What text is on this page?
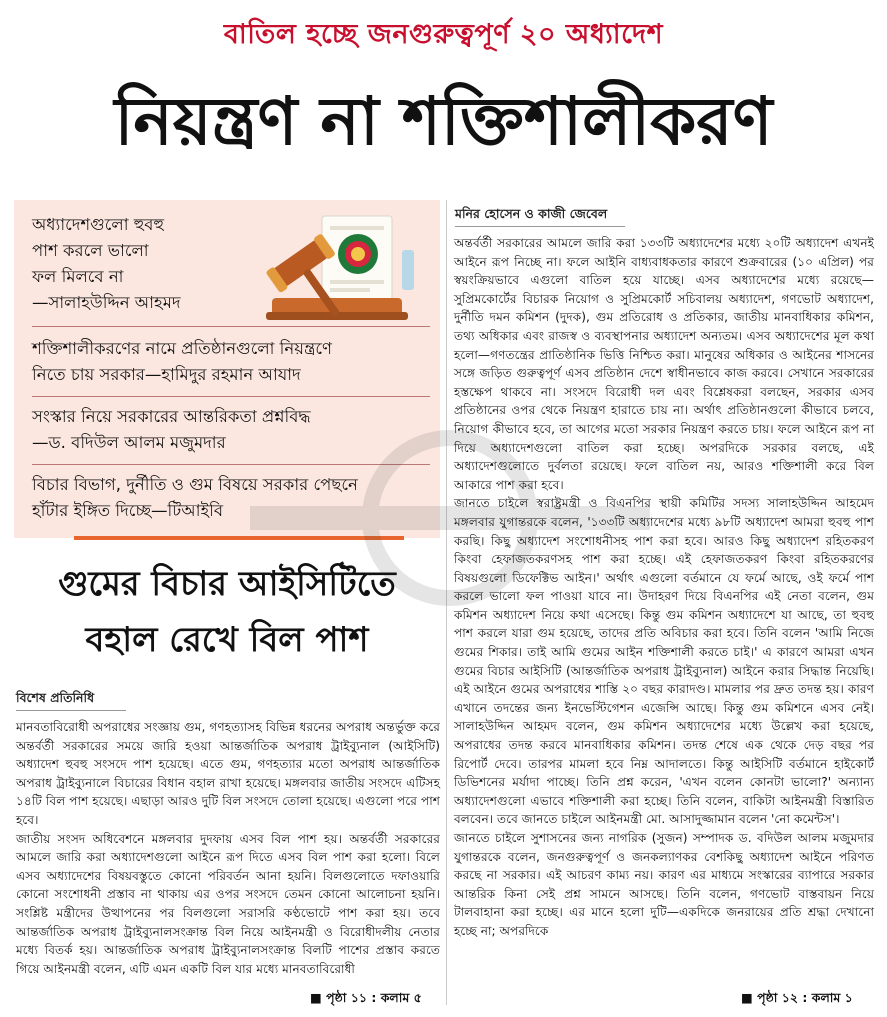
বাতিল হচ্ছে জনগুরুত্বপূর্ণ ২০ অধ্যাদেশ
নিয়ন্ত্রণ না শক্তিশালীকরণ
অধ্যাদেশগুলো হুবহু
পাশ করলে ভালো
ফল মিলবে না
—সালাহউদ্দিন আহমদ
শক্তিশালীকরণের নামে প্রতিষ্ঠানগুলো নিয়ন্ত্রণে
নিতে চায় সরকার—হামিদুর রহমান আযাদ
সংস্কার নিয়ে সরকারের আন্তরিকতা প্রশ্নবিদ্ধ
—ড. বদিউল আলম মজুমদার
বিচার বিভাগ, দুর্নীতি ও গুম বিষয়ে সরকার পেছনে
হাঁটার ইঙ্গিত দিচ্ছে—টিআইবি
গুমের বিচার আইসিটিতে
বহাল রেখে বিল পাশ
বিশেষ প্রতিনিধি
মনির হোসেন ও কাজী জেবেল

মানবতাবিরোধী অপরাধের সংজ্ঞায় গুম, গণহত্যাসহ বিভিন্ন ধরনের অপরাধ অন্তর্ভুক্ত করে অন্তর্বর্তী সরকারের সময়ে জারি হওয়া আন্তর্জাতিক অপরাধ ট্রাইব্যুনাল (আইসিটি) অধ্যাদেশ হুবহু সংসদে পাশ হয়েছে। এতে গুম, গণহত্যার মতো অপরাধ আন্তর্জাতিক অপরাধ ট্রাইব্যুনালে বিচারের বিধান বহাল রাখা হয়েছে। মঙ্গলবার জাতীয় সংসদে এটিসহ ১৪টি বিল পাশ হয়েছে। এছাড়া আরও দুটি বিল সংসদে তোলা হয়েছে। এগুলো পরে পাশ হবে।

জাতীয় সংসদ অধিবেশনে মঙ্গলবার দুদফায় এসব বিল পাশ হয়। অন্তর্বর্তী সরকারের আমলে জারি করা অধ্যাদেশগুলো আইনে রূপ দিতে এসব বিল পাশ করা হলো। বিলে এসব অধ্যাদেশের বিষয়বস্তুতে কোনো পরিবর্তন আনা হয়নি। বিলগুলোতে দফাওয়ারি কোনো সংশোধনী প্রস্তাব না থাকায় এর ওপর সংসদে তেমন কোনো আলোচনা হয়নি। সংশ্লিষ্ট মন্ত্রীদের উত্থাপনের পর বিলগুলো সরাসরি কণ্ঠভোটে পাশ করা হয়। তবে আন্তর্জাতিক অপরাধ ট্রাইব্যুনালসংক্রান্ত বিল নিয়ে আইনমন্ত্রী ও বিরোধীদলীয় নেতার মধ্যে বিতর্ক হয়। আন্তর্জাতিক অপরাধ ট্রাইব্যুনালসংক্রান্ত বিলটি পাশের প্রস্তাব করতে গিয়ে আইনমন্ত্রী বলেন, এটি এমন একটি বিল যার মধ্যে মানবতাবিরোধী

■ পৃষ্ঠা ১১ : কলাম ৫

অন্তর্বর্তী সরকারের আমলে জারি করা ১৩৩টি অধ্যাদেশের মধ্যে ২০টি অধ্যাদেশ এখনই আইনে রূপ নিচ্ছে না। ফলে আইনি বাধ্যবাধকতার কারণে শুক্রবারের (১০ এপ্রিল) পর স্বয়ংক্রিয়ভাবে এগুলো বাতিল হয়ে যাচ্ছে। এসব অধ্যাদেশের মধ্যে রয়েছে—সুপ্রিমকোর্টের বিচারক নিয়োগ ও সুপ্রিমকোর্ট সচিবালয় অধ্যাদেশ, গণভোট অধ্যাদেশ, দুর্নীতি দমন কমিশন (দুদক), গুম প্রতিরোধ ও প্রতিকার, জাতীয় মানবাধিকার কমিশন, তথ্য অধিকার এবং রাজস্ব ও ব্যবস্থাপনার অধ্যাদেশ অন্যতম। এসব অধ্যাদেশের মূল কথা হলো—গণতন্ত্রের প্রাতিষ্ঠানিক ভিত্তি নিশ্চিত করা। মানুষের অধিকার ও আইনের শাসনের সঙ্গে জড়িত গুরুত্বপূর্ণ এসব প্রতিষ্ঠান দেশে স্বাধীনভাবে কাজ করবে। সেখানে সরকারের হস্তক্ষেপ থাকবে না। সংসদে বিরোধী দল এবং বিশ্লেষকরা বলছেন, সরকার এসব প্রতিষ্ঠানের ওপর থেকে নিয়ন্ত্রণ হারাতে চায় না। অর্থাৎ প্রতিষ্ঠানগুলো কীভাবে চলবে, নিয়োগ কীভাবে হবে, তা আগের মতো সরকার নিয়ন্ত্রণ করতে চায়। ফলে আইনে রূপ না দিয়ে অধ্যাদেশগুলো বাতিল করা হচ্ছে। অপরদিকে সরকার বলছে, এই অধ্যাদেশগুলোতে দুর্বলতা রয়েছে। ফলে বাতিল নয়, আরও শক্তিশালী করে বিল আকারে পাশ করা হবে।

জানতে চাইলে স্বরাষ্ট্রমন্ত্রী ও বিএনপির স্থায়ী কমিটির সদস্য সালাহউদ্দিন আহমেদ মঙ্গলবার যুগান্তরকে বলেন, '১৩৩টি অধ্যাদেশের মধ্যে ৯৮টি অধ্যাদেশ আমরা হুবহু পাশ করছি। কিছু অধ্যাদেশ সংশোধনীসহ পাশ করা হবে। আরও কিছু অধ্যাদেশ রহিতকরণ কিংবা হেফাজতকরণসহ পাশ করা হচ্ছে। এই হেফাজতকরণ কিংবা রহিতকরণের বিষয়গুলো ডিফেক্টিভ আইন।' অর্থাৎ এগুলো বর্তমানে যে ফর্মে আছে, ওই ফর্মে পাশ করলে ভালো ফল পাওয়া যাবে না। উদাহরণ দিয়ে বিএনপির এই নেতা বলেন, গুম কমিশন অধ্যাদেশ নিয়ে কথা এসেছে। কিন্তু গুম কমিশন অধ্যাদেশে যা আছে, তা হুবহু পাশ করলে যারা গুম হয়েছে, তাদের প্রতি অবিচার করা হবে। তিনি বলেন 'আমি নিজে গুমের শিকার। তাই আমি গুমের আইন শক্তিশালী করতে চাই।' এ কারণে আমরা এখন গুমের বিচার আইসিটি (আন্তর্জাতিক অপরাধ ট্রাইব্যুনাল) আইনে করার সিদ্ধান্ত নিয়েছি। এই আইনে গুমের অপরাধের শাস্তি ২০ বছর কারাদণ্ড। মামলার পর দ্রুত তদন্ত হয়। কারণ এখানে তদন্তের জন্য ইনভেস্টিগেশন এজেন্সি আছে। কিন্তু গুম কমিশনে এসব নেই। সালাহউদ্দিন আহমদ বলেন, গুম কমিশন অধ্যাদেশের মধ্যে উল্লেখ করা হয়েছে, অপরাধের তদন্ত করবে মানবাধিকার কমিশন। তদন্ত শেষে এক থেকে দেড় বছর পর রিপোর্ট দেবে। তারপর মামলা হবে নিম্ন আদালতে। কিন্তু আইসিটি বর্তমানে হাইকোর্ট ডিভিশনের মর্যাদা পাচ্ছে। তিনি প্রশ্ন করেন, 'এখন বলেন কোনটা ভালো?' অন্যান্য অধ্যাদেশগুলো এভাবে শক্তিশালী করা হচ্ছে। তিনি বলেন, বাকিটা আইনমন্ত্রী বিস্তারিত বলবেন। তবে জানতে চাইলে আইনমন্ত্রী মো. আসাদুজ্জামান বলেন 'নো কমেন্টস'।

জানতে চাইলে সুশাসনের জন্য নাগরিক (সুজন) সম্পাদক ড. বদিউল আলম মজুমদার যুগান্তরকে বলেন, জনগুরুত্বপূর্ণ ও জনকল্যাণকর বেশকিছু অধ্যাদেশ আইনে পরিণত করছে না সরকার। এই আচরণ কাম্য নয়। কারণ এর মাধ্যমে সংস্কারের ব্যাপারে সরকার আন্তরিক কিনা সেই প্রশ্ন সামনে আসছে। তিনি বলেন, গণভোট বাস্তবায়ন নিয়ে টালবাহানা করা হচ্ছে। এর মানে হলো দুটি—একদিকে জনরায়ের প্রতি শ্রদ্ধা দেখানো হচ্ছে না; অপরদিকে

■ পৃষ্ঠা ১২ : কলাম ১
